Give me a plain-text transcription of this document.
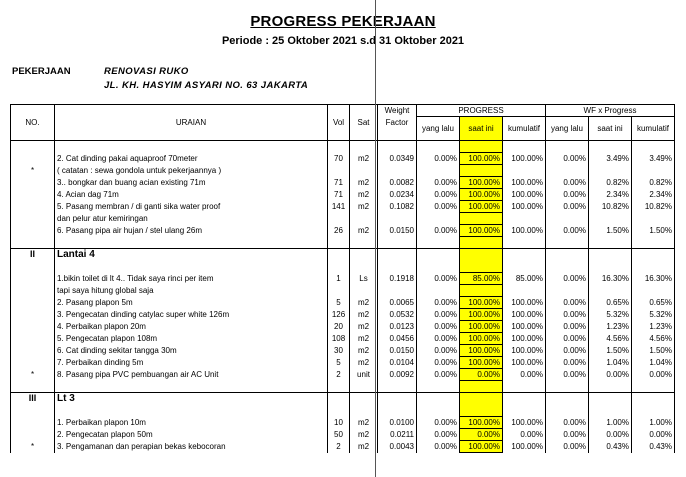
PROGRESS PEKERJAAN
Periode : 25 Oktober 2021 s.d 31 Oktober 2021
PEKERJAAN	RENOVASI RUKO
JL. KH. HASYIM ASYARI NO. 63 JAKARTA
NO.	URAIAN	Vol	Sat	Weight	PROGRESS			WF x Progress		
				Factor	yang lalu	saat ini	kumulatif	yang lalu	saat ini	kumulatif

	2. Cat dinding pakai aquaproof 70meter	70	m2	0.0349	0.00%	100.00%	100.00%	0.00%	3.49%	3.49%
*	( catatan : sewa gondola untuk pekerjaannya )									
	3.. bongkar dan buang acian existing 71m	71	m2	0.0082	0.00%	100.00%	100.00%	0.00%	0.82%	0.82%
	4. Acian dag 71m	71	m2	0.0234	0.00%	100.00%	100.00%	0.00%	2.34%	2.34%
	5. Pasang membran / di ganti sika water proof	141	m2	0.1082	0.00%	100.00%	100.00%	0.00%	10.82%	10.82%
	dan pelur atur kemiringan									
	6. Pasang pipa air hujan / stel ulang 26m	26	m2	0.0150	0.00%	100.00%	100.00%	0.00%	1.50%	1.50%

II	Lantai 4									

	1.bikin toilet di lt 4.. Tidak saya rinci per item	1	Ls	0.1918	0.00%	85.00%	85.00%	0.00%	16.30%	16.30%
	tapi saya hitung global saja									
	2. Pasang plapon 5m	5	m2	0.0065	0.00%	100.00%	100.00%	0.00%	0.65%	0.65%
	3. Pengecatan dinding catylac super white 126m	126	m2	0.0532	0.00%	100.00%	100.00%	0.00%	5.32%	5.32%
	4. Perbaikan plapon 20m	20	m2	0.0123	0.00%	100.00%	100.00%	0.00%	1.23%	1.23%
	5. Pengecatan plapon 108m	108	m2	0.0456	0.00%	100.00%	100.00%	0.00%	4.56%	4.56%
	6. Cat dinding sekitar tangga 30m	30	m2	0.0150	0.00%	100.00%	100.00%	0.00%	1.50%	1.50%
	7. Perbaikan dinding 5m	5	m2	0.0104	0.00%	100.00%	100.00%	0.00%	1.04%	1.04%
*	8. Pasang pipa PVC pembuangan air AC Unit	2	unit	0.0092	0.00%	0.00%	0.00%	0.00%	0.00%	0.00%

III	Lt 3									

	1. Perbaikan plapon 10m	10	m2	0.0100	0.00%	100.00%	100.00%	0.00%	1.00%	1.00%
	2. Pengecatan plapon 50m	50	m2	0.0211	0.00%	0.00%	0.00%	0.00%	0.00%	0.00%
*	3. Pengamanan dan perapian bekas kebocoran	2	m2	0.0043	0.00%	100.00%	100.00%	0.00%	0.43%	0.43%
